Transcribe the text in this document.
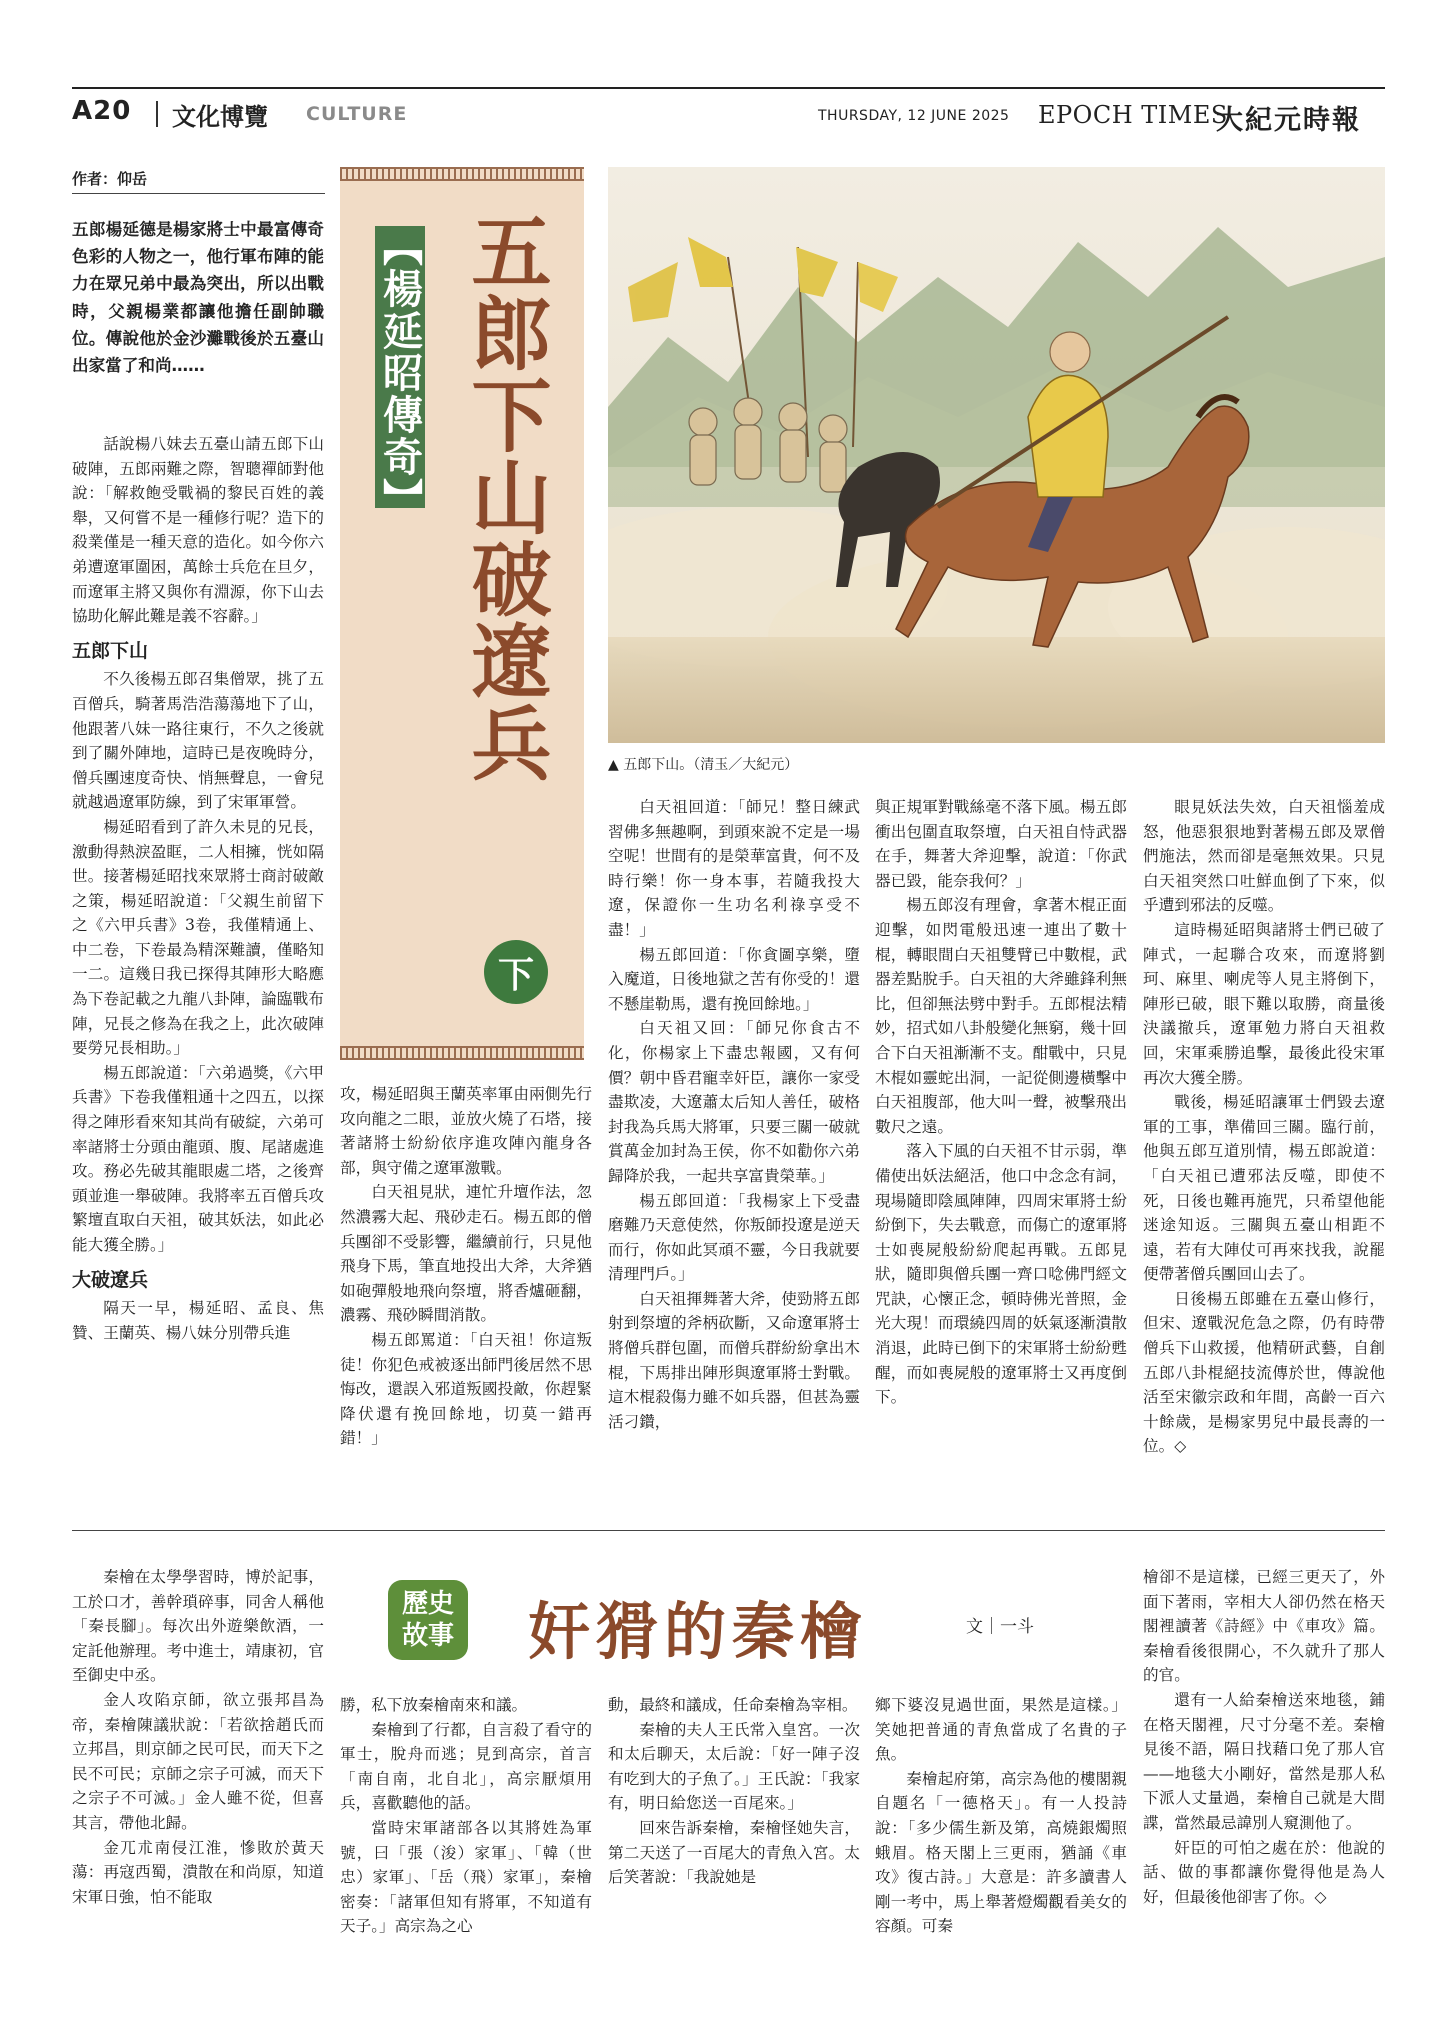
A20 文化博覽 CULTURE	THURSDAY, 12 JUNE 2025 EPOCH TIMES
大紀元時報
作者：仰岳
五郎楊延德是楊家將士中最富傳奇色彩的人物之一，他行軍布陣的能力在眾兄弟中最為突出，所以出戰時，父親楊業都讓他擔任副帥職位。傳說他於金沙灘戰後於五臺山出家當了和尚……

話說楊八妹去五臺山請五郎下山破陣，五郎兩難之際，智聰禪師對他說：「解救飽受戰禍的黎民百姓的義舉，又何嘗不是一種修行呢？造下的殺業僅是一種天意的造化。如今你六弟遭遼軍圍困，萬餘士兵危在旦夕，而遼軍主將又與你有淵源，你下山去協助化解此難是義不容辭。」

五郎下山

不久後楊五郎召集僧眾，挑了五百僧兵，騎著馬浩浩蕩蕩地下了山，他跟著八妹一路往東行，不久之後就到了關外陣地，這時已是夜晚時分，僧兵團速度奇快、悄無聲息，一會兒就越過遼軍防線，到了宋軍軍營。

楊延昭看到了許久未見的兄長，激動得熱淚盈眶，二人相擁，恍如隔世。接著楊延昭找來眾將士商討破敵之策，楊延昭說道：「父親生前留下之《六甲兵書》3卷，我僅精通上、中二卷，下卷最為精深難讀，僅略知一二。這幾日我已探得其陣形大略應為下卷記載之九龍八卦陣，論臨戰布陣，兄長之修為在我之上，此次破陣要勞兄長相助。」

楊五郎說道：「六弟過獎，《六甲兵書》下卷我僅粗通十之四五，以探得之陣形看來知其尚有破綻，六弟可率諸將士分頭由龍頭、腹、尾諸處進攻。務必先破其龍眼處二塔，之後齊頭並進一舉破陣。我將率五百僧兵攻繁壇直取白天祖，破其妖法，如此必能大獲全勝。」

大破遼兵

隔天一早，楊延昭、孟良、焦贊、王蘭英、楊八妹分別帶兵進

【楊延昭傳奇】 五郎下山破遼兵
下
▲ 五郎下山。（清玉／大紀元）

攻，楊延昭與王蘭英率軍由兩側先行攻向龍之二眼，並放火燒了石塔，接著諸將士紛紛依序進攻陣內龍身各部，與守備之遼軍激戰。

白天祖見狀，連忙升壇作法，忽然濃霧大起、飛砂走石。楊五郎的僧兵團卻不受影響，繼續前行，只見他飛身下馬，筆直地投出大斧，大斧猶如砲彈般地飛向祭壇，將香爐砸翻，濃霧、飛砂瞬間消散。

楊五郎罵道：「白天祖！你這叛徒！你犯色戒被逐出師門後居然不思悔改，還誤入邪道叛國投敵，你趕緊降伏還有挽回餘地，切莫一錯再錯！」

白天祖回道：「師兄！整日練武習佛多無趣啊，到頭來說不定是一場空呢！世間有的是榮華富貴，何不及時行樂！你一身本事，若隨我投大遼，保證你一生功名利祿享受不盡！」

楊五郎回道：「你貪圖享樂，墮入魔道，日後地獄之苦有你受的！還不懸崖勒馬，還有挽回餘地。」

白天祖又回：「師兄你食古不化，你楊家上下盡忠報國，又有何價？朝中昏君寵幸奸臣，讓你一家受盡欺凌，大遼蕭太后知人善任，破格封我為兵馬大將軍，只要三關一破就賞萬金加封為王侯，你不如勸你六弟歸降於我，一起共享富貴榮華。」

楊五郎回道：「我楊家上下受盡磨難乃天意使然，你叛師投遼是逆天而行，你如此冥頑不靈，今日我就要清理門戶。」

白天祖揮舞著大斧，使勁將五郎射到祭壇的斧柄砍斷，又命遼軍將士將僧兵群包圍，而僧兵群紛紛拿出木棍，下馬排出陣形與遼軍將士對戰。這木棍殺傷力雖不如兵器，但甚為靈活刁鑽，

與正規軍對戰絲毫不落下風。楊五郎衝出包圍直取祭壇，白天祖自恃武器在手，舞著大斧迎擊，說道：「你武器已毀，能奈我何？」

楊五郎沒有理會，拿著木棍正面迎擊，如閃電般迅速一連出了數十棍，轉眼間白天祖雙臂已中數棍，武器差點脫手。白天祖的大斧雖鋒利無比，但卻無法劈中對手。五郎棍法精妙，招式如八卦般變化無窮，幾十回合下白天祖漸漸不支。酣戰中，只見木棍如靈蛇出洞，一記從側邊橫擊中白天祖腹部，他大叫一聲，被擊飛出數尺之遠。

落入下風的白天祖不甘示弱，準備使出妖法絕活，他口中念念有詞，現場隨即陰風陣陣，四周宋軍將士紛紛倒下，失去戰意，而傷亡的遼軍將士如喪屍般紛紛爬起再戰。五郎見狀，隨即與僧兵團一齊口唸佛門經文咒訣，心懷正念，頓時佛光普照，金光大現！而環繞四周的妖氣逐漸潰散消退，此時已倒下的宋軍將士紛紛甦醒，而如喪屍般的遼軍將士又再度倒下。

眼見妖法失效，白天祖惱羞成怒，他惡狠狠地對著楊五郎及眾僧們施法，然而卻是毫無效果。只見白天祖突然口吐鮮血倒了下來，似乎遭到邪法的反噬。

這時楊延昭與諸將士們已破了陣式，一起聯合攻來，而遼將劉珂、麻里、喇虎等人見主將倒下，陣形已破，眼下難以取勝，商量後決議撤兵，遼軍勉力將白天祖救回，宋軍乘勝追擊，最後此役宋軍再次大獲全勝。

戰後，楊延昭讓軍士們毀去遼軍的工事，準備回三關。臨行前，他與五郎互道別情，楊五郎說道：「白天祖已遭邪法反噬，即使不死，日後也難再施咒，只希望他能迷途知返。三關與五臺山相距不遠，若有大陣仗可再來找我，說罷便帶著僧兵團回山去了。

日後楊五郎雖在五臺山修行，但宋、遼戰況危急之際，仍有時帶僧兵下山救援，他精研武藝，自創五郎八卦棍絕技流傳於世，傳說他活至宋徽宗政和年間，高齡一百六十餘歲，是楊家男兒中最長壽的一位。◇

歷史
故事 奸猾的秦檜	文｜一斗

秦檜在太學學習時，博於記事，工於口才，善幹瑣碎事，同舍人稱他「秦長腳」。每次出外遊樂飲酒，一定託他辦理。考中進士，靖康初，官至御史中丞。

金人攻陷京師，欲立張邦昌為帝，秦檜陳議狀說：「若欲捨趙氏而立邦昌，則京師之民可民，而天下之民不可民；京師之宗子可滅，而天下之宗子不可滅。」金人雖不從，但喜其言，帶他北歸。

金兀朮南侵江淮，慘敗於黃天蕩：再寇西蜀，潰散在和尚原，知道宋軍日強，怕不能取

勝，私下放秦檜南來和議。

秦檜到了行都，自言殺了看守的軍士，脫舟而逃；見到高宗，首言「南自南，北自北」，高宗厭煩用兵，喜歡聽他的話。

當時宋軍諸部各以其將姓為軍號，曰「張（浚）家軍」、「韓（世忠）家軍」、「岳（飛）家軍」，秦檜密奏：「諸軍但知有將軍，不知道有天子。」高宗為之心

動，最終和議成，任命秦檜為宰相。

秦檜的夫人王氏常入皇宮。一次和太后聊天，太后說：「好一陣子沒有吃到大的子魚了。」王氏說：「我家有，明日給您送一百尾來。」

回來告訴秦檜，秦檜怪她失言，第二天送了一百尾大的青魚入宮。太后笑著說：「我說她是

鄉下婆沒見過世面，果然是這樣。」笑她把普通的青魚當成了名貴的子魚。

秦檜起府第，高宗為他的樓閣親自題名「一德格天」。有一人投詩說：「多少儒生新及第，高燒銀燭照蛾眉。格天閣上三更雨，猶誦《車攻》復古詩。」大意是：許多讀書人剛一考中，馬上舉著燈燭觀看美女的容顏。可秦

檜卻不是這樣，已經三更天了，外面下著雨，宰相大人卻仍然在格天閣裡讀著《詩經》中《車攻》篇。秦檜看後很開心，不久就升了那人的官。

還有一人給秦檜送來地毯，鋪在格天閣裡，尺寸分毫不差。秦檜見後不語，隔日找藉口免了那人官——地毯大小剛好，當然是那人私下派人丈量過，秦檜自己就是大間諜，當然最忌諱別人窺測他了。

奸臣的可怕之處在於：他說的話、做的事都讓你覺得他是為人好，但最後他卻害了你。◇
